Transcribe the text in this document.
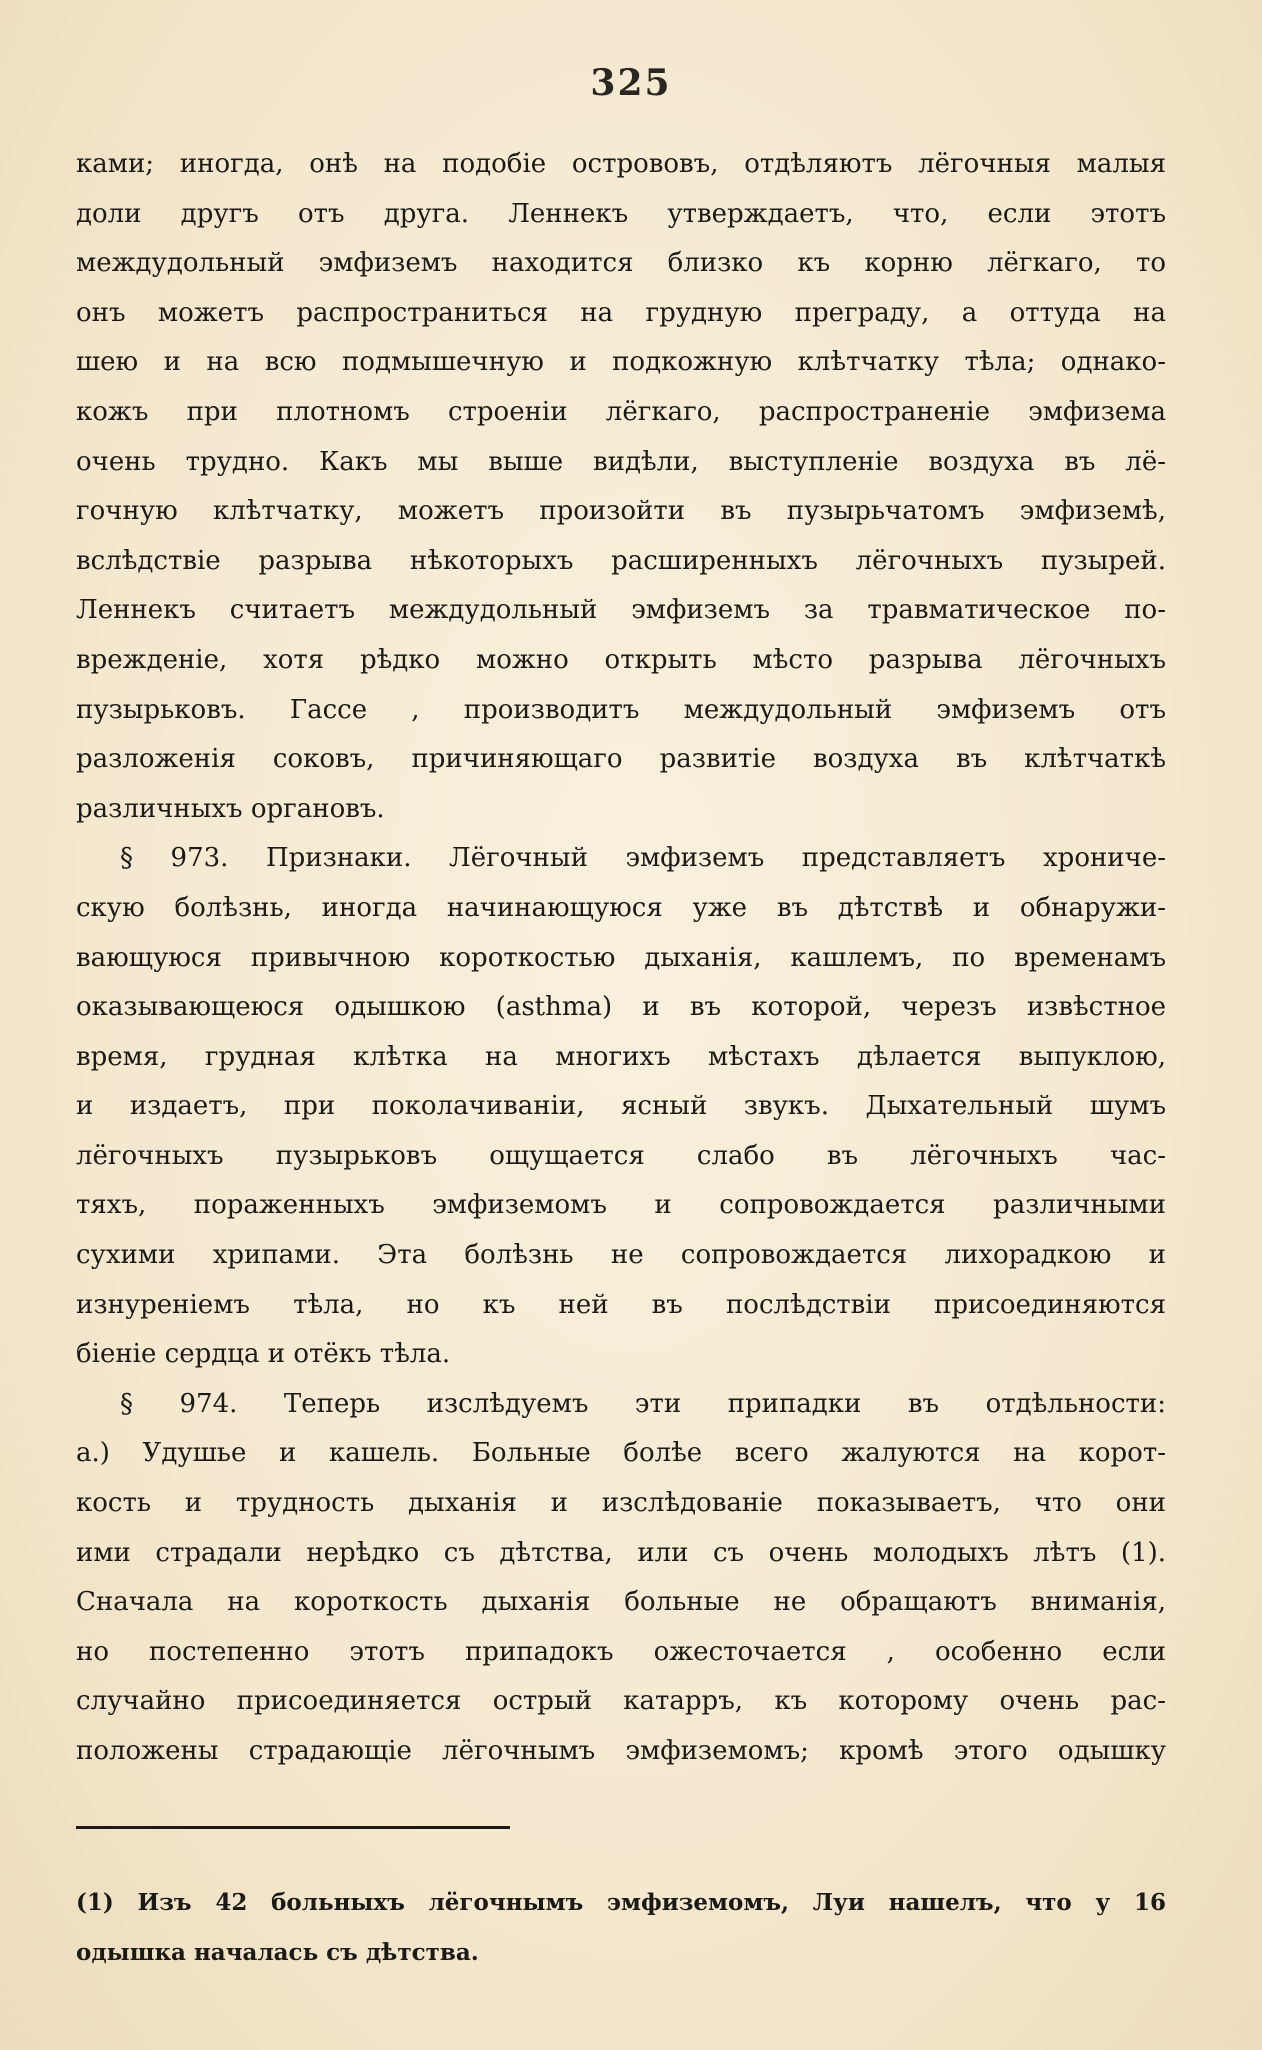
325
ками; иногда, онѣ на подобіе острововъ, отдѣляютъ лёгочныя малыя
доли другъ отъ друга. Леннекъ утверждаетъ, что, если этотъ
междудольный эмфиземъ находится близко къ корню лёгкаго, то
онъ можетъ распространиться на грудную преграду, а оттуда на
шею и на всю подмышечную и подкожную клѣтчатку тѣла; однако-
кожъ при плотномъ строеніи лёгкаго, распространеніе эмфизема
очень трудно. Какъ мы выше видѣли, выступленіе воздуха въ лё-
гочную клѣтчатку, можетъ произойти въ пузырьчатомъ эмфиземѣ,
вслѣдствіе разрыва нѣкоторыхъ расширенныхъ лёгочныхъ пузырей.
Леннекъ считаетъ междудольный эмфиземъ за травматическое по-
врежденіе, хотя рѣдко можно открыть мѣсто разрыва лёгочныхъ
пузырьковъ. Гассе , производитъ междудольный эмфиземъ отъ
разложенія соковъ, причиняющаго развитіе воздуха въ клѣтчаткѣ
различныхъ органовъ.
§ 973. Признаки. Лёгочный эмфиземъ представляетъ хрониче-
скую болѣзнь, иногда начинающуюся уже въ дѣтствѣ и обнаружи-
вающуюся привычною короткостью дыханія, кашлемъ, по временамъ
оказывающеюся одышкою (asthma) и въ которой, черезъ извѣстное
время, грудная клѣтка на многихъ мѣстахъ дѣлается выпуклою,
и издаетъ, при поколачиваніи, ясный звукъ. Дыхательный шумъ
лёгочныхъ пузырьковъ ощущается слабо въ лёгочныхъ час-
тяхъ, пораженныхъ эмфиземомъ и сопровождается различными
сухими хрипами. Эта болѣзнь не сопровождается лихорадкою и
изнуреніемъ тѣла, но къ ней въ послѣдствіи присоединяются
біеніе сердца и отёкъ тѣла.
§ 974. Теперь изслѣдуемъ эти припадки въ отдѣльности:
а.) Удушье и кашель. Больные болѣе всего жалуются на корот-
кость и трудность дыханія и изслѣдованіе показываетъ, что они
ими страдали нерѣдко съ дѣтства, или съ очень молодыхъ лѣтъ (1).
Сначала на короткость дыханія больные не обращаютъ вниманія,
но постепенно этотъ припадокъ ожесточается , особенно если
случайно присоединяется острый катарръ, къ которому очень рас-
положены страдающіе лёгочнымъ эмфиземомъ; кромѣ этого одышку
(1) Изъ 42 больныхъ лёгочнымъ эмфиземомъ, Луи нашелъ, что у 16
одышка началась съ дѣтства.
